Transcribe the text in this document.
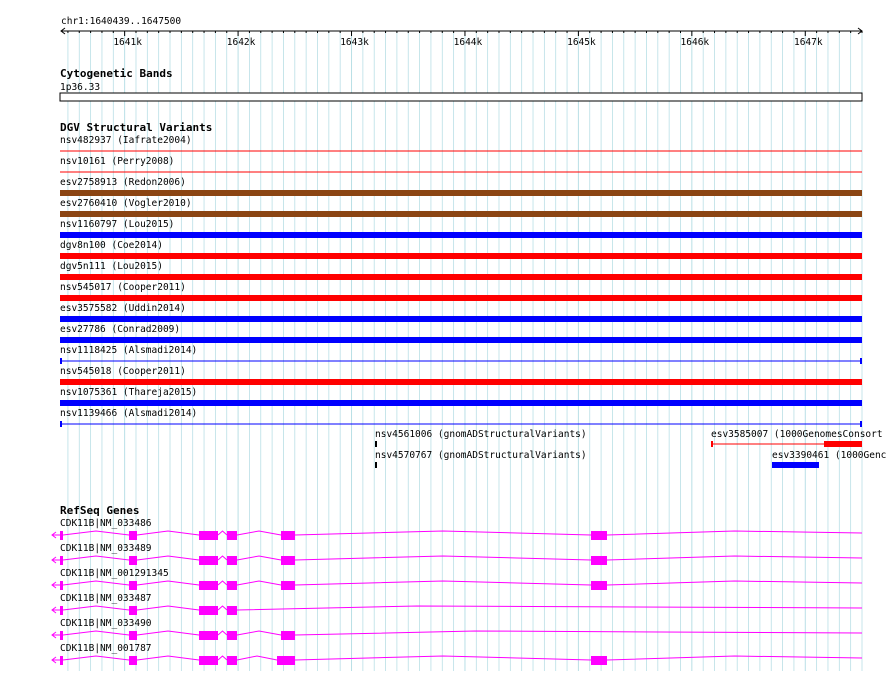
chr1:1640439..1647500
1641k	1642k	1643k	1644k	1645k	1646k	1647k
Cytogenetic Bands
1p36.33
DGV Structural Variants
nsv482937 (Iafrate2004)
nsv10161 (Perry2008)
esv2758913 (Redon2006)
esv2760410 (Vogler2010)
nsv1160797 (Lou2015)
dgv8n100 (Coe2014)
dgv5n111 (Lou2015)
nsv545017 (Cooper2011)
esv3575582 (Uddin2014)
esv27786 (Conrad2009)
nsv1118425 (Alsmadi2014)
nsv545018 (Cooper2011)
nsv1075361 (Thareja2015)
nsv1139466 (Alsmadi2014)
nsv4561006 (gnomADStructuralVariants)
nsv4570767 (gnomADStructuralVariants)
esv3585007 (1000GenomesConsort
esv3390461 (1000Genc
RefSeq Genes
CDK11B|NM_033486
CDK11B|NM_033489
CDK11B|NM_001291345
CDK11B|NM_033487
CDK11B|NM_033490
CDK11B|NM_001787
